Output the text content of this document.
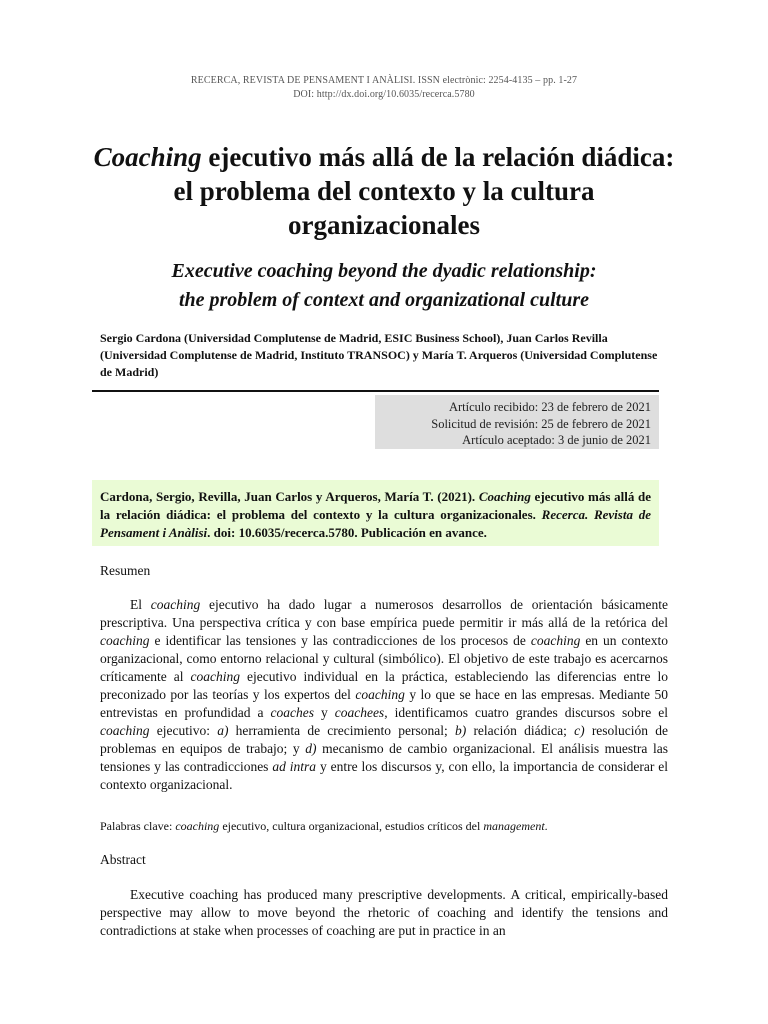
RECERCA, REVISTA DE PENSAMENT I ANÀLISI. ISSN electrònic: 2254-4135 – pp. 1-27
DOI: http://dx.doi.org/10.6035/recerca.5780
Coaching ejecutivo más allá de la relación diádica:
el problema del contexto y la cultura
organizacionales
Executive coaching beyond the dyadic relationship:
the problem of context and organizational culture
Sergio Cardona (Universidad Complutense de Madrid, ESIC Business School), Juan Carlos Revilla (Universidad Complutense de Madrid, Instituto TRANSOC) y María T. Arqueros (Universidad Complutense de Madrid)
Artículo recibido: 23 de febrero de 2021
Solicitud de revisión: 25 de febrero de 2021
Artículo aceptado: 3 de junio de 2021
Cardona, Sergio, Revilla, Juan Carlos y Arqueros, María T. (2021). Coaching ejecutivo más allá de la relación diádica: el problema del contexto y la cultura organizacionales. Recerca. Revista de Pensament i Anàlisi. doi: 10.6035/recerca.5780. Publicación en avance.
Resumen
El coaching ejecutivo ha dado lugar a numerosos desarrollos de orientación básicamente prescriptiva. Una perspectiva crítica y con base empírica puede permitir ir más allá de la retórica del coaching e identificar las tensiones y las contradicciones de los procesos de coaching en un contexto organizacional, como entorno relacional y cultural (simbólico). El objetivo de este trabajo es acercarnos críticamente al coaching ejecutivo individual en la práctica, estableciendo las diferencias entre lo preconizado por las teorías y los expertos del coaching y lo que se hace en las empresas. Mediante 50 entrevistas en profundidad a coaches y coachees, identificamos cuatro grandes discursos sobre el coaching ejecutivo: a) herramienta de crecimiento personal; b) relación diádica; c) resolución de problemas en equipos de trabajo; y d) mecanismo de cambio organizacional. El análisis muestra las tensiones y las contradicciones ad intra y entre los discursos y, con ello, la importancia de considerar el contexto organizacional.
Palabras clave: coaching ejecutivo, cultura organizacional, estudios críticos del management.
Abstract
Executive coaching has produced many prescriptive developments. A critical, empirically-based perspective may allow to move beyond the rhetoric of coaching and identify the tensions and contradictions at stake when processes of coaching are put in practice in an
